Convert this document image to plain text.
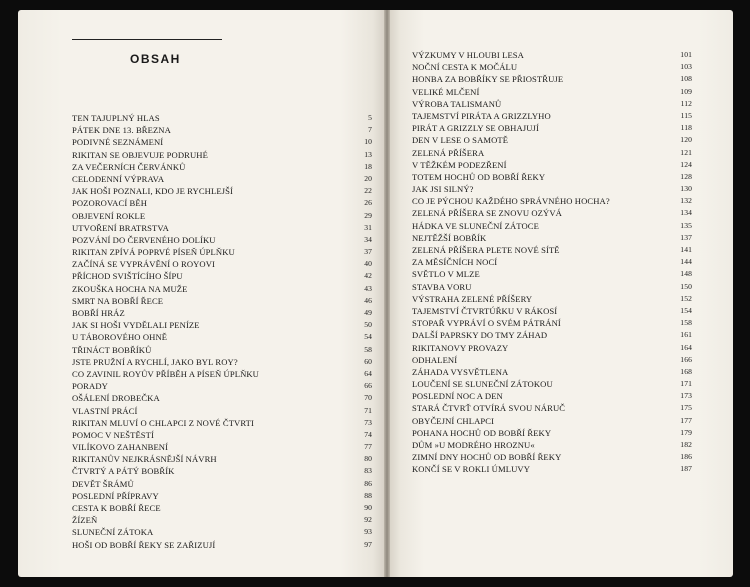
OBSAH
TEN TAJUPLNÝ HLAS	5
PÁTEK DNE 13. BŘEZNA	7
PODIVNÉ SEZNÁMENÍ	10
RIKITAN SE OBJEVUJE PODRUHÉ	13
ZA VEČERNÍCH ČERVÁNKŮ	18
CELODENNÍ VÝPRAVA	20
JAK HOŠI POZNALI, KDO JE RYCHLEJŠÍ	22
POZOROVACÍ BĚH	26
OBJEVENÍ ROKLE	29
UTVOŘENÍ BRATRSTVA	31
POZVÁNÍ DO ČERVENÉHO DOLÍKU	34
RIKITAN ZPÍVÁ POPRVÉ PÍSEŇ ÚPLŇKU	37
ZAČÍNÁ SE VYPRÁVĚNÍ O ROYOVI	40
PŘÍCHOD SVIŠTÍCÍHO ŠÍPU	42
ZKOUŠKA HOCHA NA MUŽE	43
SMRT NA BOBŘÍ ŘECE	46
BOBŘÍ HRÁZ	49
JAK SI HOŠI VYDĚLALI PENÍZE	50
U TÁBOROVÉHO OHNĚ	54
TŘINÁCT BOBŘÍKŮ	58
JSTE PRUŽNÍ A RYCHLÍ, JAKO BYL ROY?	60
CO ZAVINIL ROYŮV PŘÍBĚH A PÍSEŇ ÚPLŇKU	64
PORADY	66
OŠÁLENÍ DROBEČKA	70
VLASTNÍ PRÁCÍ	71
RIKITAN MLUVÍ O CHLAPCI Z NOVÉ ČTVRTI	73
POMOC V NEŠTĚSTÍ	74
VILÍKOVO ZAHANBENÍ	77
RIKITANŮV NEJKRÁSNĚJŠÍ NÁVRH	80
ČTVRTÝ A PÁTÝ BOBŘÍK	83
DEVĚT ŠRÁMŮ	86
POSLEDNÍ PŘÍPRAVY	88
CESTA K BOBŘÍ ŘECE	90
ŽÍZEŇ	92
SLUNEČNÍ ZÁTOKA	93
HOŠI OD BOBŘÍ ŘEKY SE ZAŘIZUJÍ	97
VÝZKUMY V HLOUBI LESA	101
NOČNÍ CESTA K MOČÁLU	103
HONBA ZA BOBŘÍKY SE PŘIOSTŘUJE	108
VELIKÉ MLČENÍ	109
VÝROBA TALISMANŮ	112
TAJEMSTVÍ PIRÁTA A GRIZZLYHO	115
PIRÁT A GRIZZLY SE OBHAJUJÍ	118
DEN V LESE O SAMOTĚ	120
ZELENÁ PŘÍŠERA	121
V TĚŽKÉM PODEZŘENÍ	124
TOTEM HOCHŮ OD BOBŘÍ ŘEKY	128
JAK JSI SILNÝ?	130
CO JE PÝCHOU KAŽDÉHO SPRÁVNÉHO HOCHA?	132
ZELENÁ PŘÍŠERA SE ZNOVU OZÝVÁ	134
HÁDKA VE SLUNEČNÍ ZÁTOCE	135
NEJTĚŽŠÍ BOBŘÍK	137
ZELENÁ PŘÍŠERA PLETE NOVÉ SÍTĚ	141
ZA MĚSÍČNÍCH NOCÍ	144
SVĚTLO V MLZE	148
STAVBA VORU	150
VÝSTRAHA ZELENÉ PŘÍŠERY	152
TAJEMSTVÍ ČTVRTÚŘKU V RÁKOSÍ	154
STOPAŘ VYPRÁVÍ O SVÉM PÁTRÁNÍ	158
DALŠÍ PAPRSKY DO TMY ZÁHAD	161
RIKITANOVY PROVAZY	164
ODHALENÍ	166
ZÁHADA VYSVĚTLENA	168
LOUČENÍ SE SLUNEČNÍ ZÁTOKOU	171
POSLEDNÍ NOC A DEN	173
STARÁ ČTVRŤ OTVÍRÁ SVOU NÁRUČ	175
OBYČEJNÍ CHLAPCI	177
POHANA HOCHŮ OD BOBŘÍ ŘEKY	179
DŮM »U MODRÉHO HROZNU«	182
ZIMNÍ DNY HOCHŮ OD BOBŘÍ ŘEKY	186
KONČÍ SE V ROKLI ÚMLUVY	187
